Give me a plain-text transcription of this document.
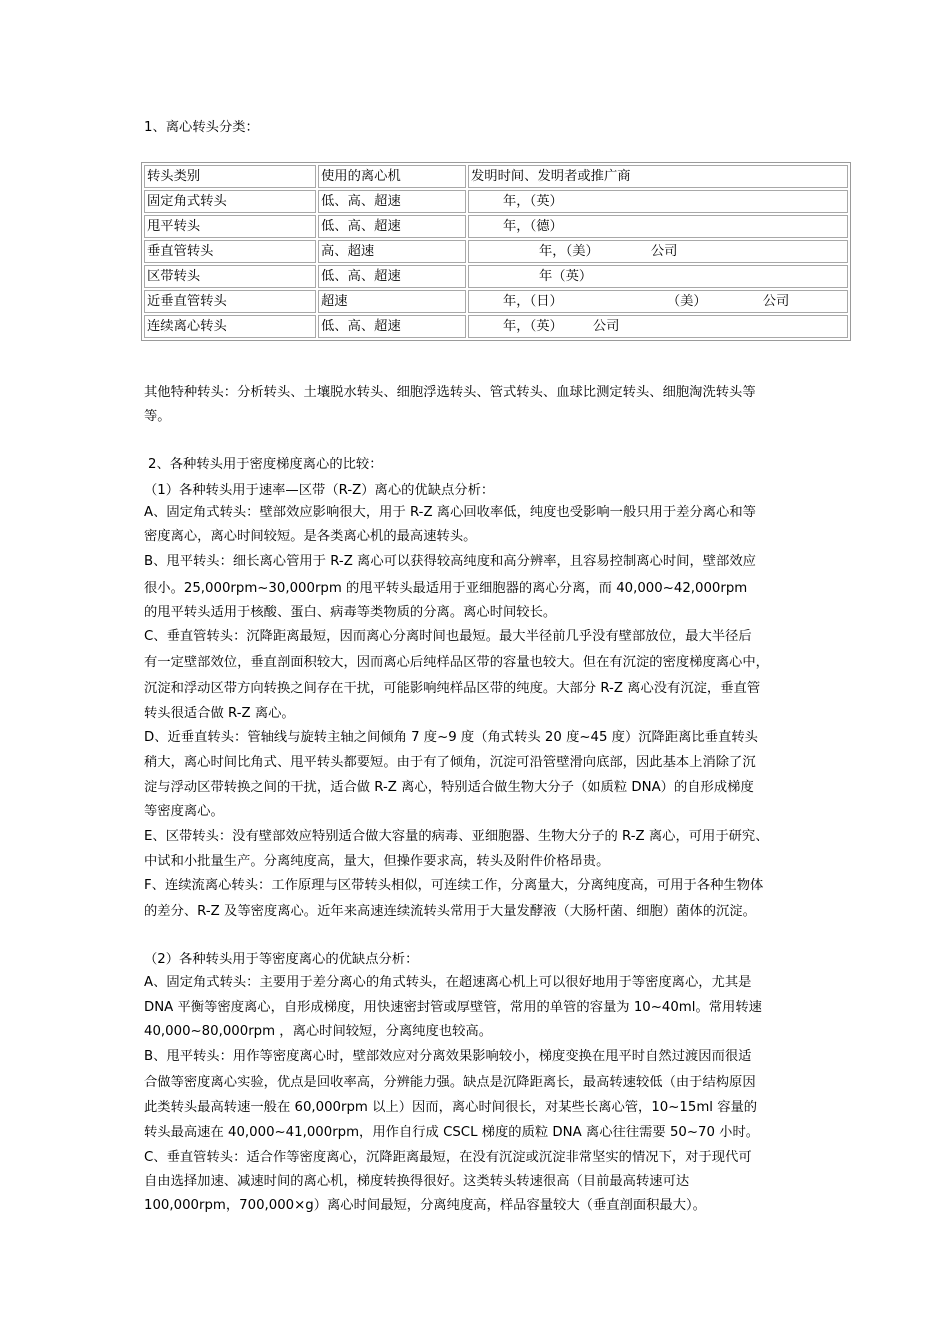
1、离心转头分类：
转头类别	使用的离心机	发明时间、发明者或推广商
固定角式转头	低、高、超速	年，（英）
甩平转头	低、高、超速	年，（德）
垂直管转头	高、超速	年，（美） 公司
区带转头	低、高、超速	年（英）
近垂直管转头	超速	年，（日） （美） 公司
连续离心转头	低、高、超速	年，（英） 公司
其他特种转头：分析转头、土壤脱水转头、细胞浮选转头、管式转头、血球比测定转头、细胞淘洗转头等
等。
2、各种转头用于密度梯度离心的比较：
（1）各种转头用于速率—区带（R-Z）离心的优缺点分析：
A、固定角式转头：壁部效应影响很大，用于 R-Z 离心回收率低，纯度也受影响一般只用于差分离心和等
密度离心，离心时间较短。是各类离心机的最高速转头。
B、甩平转头：细长离心管用于 R-Z 离心可以获得较高纯度和高分辨率，且容易控制离心时间，壁部效应
很小。25,000rpm~30,000rpm 的甩平转头最适用于亚细胞器的离心分离，而 40,000~42,000rpm
的甩平转头适用于核酸、蛋白、病毒等类物质的分离。离心时间较长。
C、垂直管转头：沉降距离最短，因而离心分离时间也最短。最大半径前几乎没有壁部放位，最大半径后
有一定壁部效位，垂直剖面积较大，因而离心后纯样品区带的容量也较大。但在有沉淀的密度梯度离心中，
沉淀和浮动区带方向转换之间存在干扰，可能影响纯样品区带的纯度。大部分 R-Z 离心没有沉淀，垂直管
转头很适合做 R-Z 离心。
D、近垂直转头：管轴线与旋转主轴之间倾角 7 度~9 度（角式转头 20 度~45 度）沉降距离比垂直转头
稍大，离心时间比角式、甩平转头都要短。由于有了倾角，沉淀可沿管壁滑向底部，因此基本上消除了沉
淀与浮动区带转换之间的干扰，适合做 R-Z 离心，特别适合做生物大分子（如质粒 DNA）的自形成梯度
等密度离心。
E、区带转头：没有壁部效应特别适合做大容量的病毒、亚细胞器、生物大分子的 R-Z 离心，可用于研究、
中试和小批量生产。分离纯度高，量大，但操作要求高，转头及附件价格昂贵。
F、连续流离心转头：工作原理与区带转头相似，可连续工作，分离量大，分离纯度高，可用于各种生物体
的差分、R-Z 及等密度离心。近年来高速连续流转头常用于大量发酵液（大肠杆菌、细胞）菌体的沉淀。
（2）各种转头用于等密度离心的优缺点分析：
A、固定角式转头：主要用于差分离心的角式转头，在超速离心机上可以很好地用于等密度离心，尤其是
DNA 平衡等密度离心，自形成梯度，用快速密封管或厚壁管，常用的单管的容量为 10~40ml。常用转速
40,000~80,000rpm ，离心时间较短，分离纯度也较高。
B、甩平转头：用作等密度离心时，壁部效应对分离效果影响较小，梯度变换在甩平时自然过渡因而很适
合做等密度离心实验，优点是回收率高，分辨能力强。缺点是沉降距离长，最高转速较低（由于结构原因
此类转头最高转速一般在 60,000rpm 以上）因而，离心时间很长，对某些长离心管，10~15ml 容量的
转头最高速在 40,000~41,000rpm，用作自行成 CSCL 梯度的质粒 DNA 离心往往需要 50~70 小时。
C、垂直管转头：适合作等密度离心，沉降距离最短，在没有沉淀或沉淀非常坚实的情况下，对于现代可
自由选择加速、减速时间的离心机，梯度转换得很好。这类转头转速很高（目前最高转速可达
100,000rpm，700,000×g）离心时间最短，分离纯度高，样品容量较大（垂直剖面积最大）。
